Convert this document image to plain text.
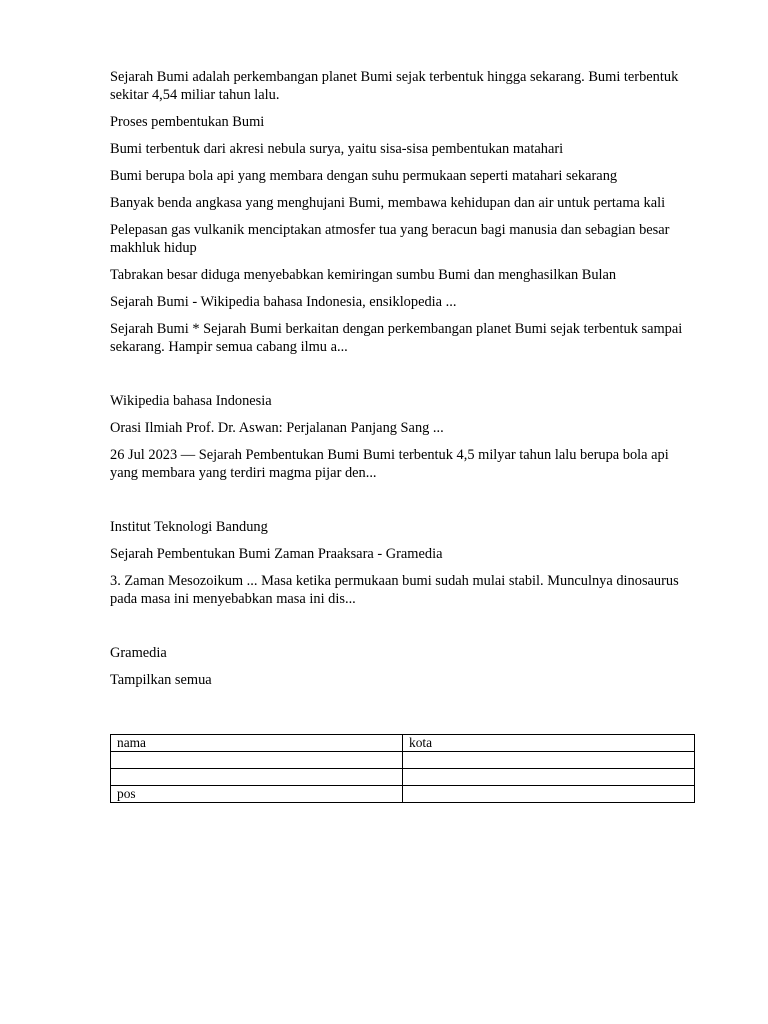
Sejarah Bumi adalah perkembangan planet Bumi sejak terbentuk hingga sekarang. Bumi terbentuk sekitar 4,54 miliar tahun lalu.

Proses pembentukan Bumi

Bumi terbentuk dari akresi nebula surya, yaitu sisa-sisa pembentukan matahari

Bumi berupa bola api yang membara dengan suhu permukaan seperti matahari sekarang

Banyak benda angkasa yang menghujani Bumi, membawa kehidupan dan air untuk pertama kali

Pelepasan gas vulkanik menciptakan atmosfer tua yang beracun bagi manusia dan sebagian besar makhluk hidup

Tabrakan besar diduga menyebabkan kemiringan sumbu Bumi dan menghasilkan Bulan

Sejarah Bumi - Wikipedia bahasa Indonesia, ensiklopedia ...

Sejarah Bumi * Sejarah Bumi berkaitan dengan perkembangan planet Bumi sejak terbentuk sampai sekarang. Hampir semua cabang ilmu a...

Wikipedia bahasa Indonesia

Orasi Ilmiah Prof. Dr. Aswan: Perjalanan Panjang Sang ...

26 Jul 2023 — Sejarah Pembentukan Bumi Bumi terbentuk 4,5 milyar tahun lalu berupa bola api yang membara yang terdiri magma pijar den...

Institut Teknologi Bandung

Sejarah Pembentukan Bumi Zaman Praaksara - Gramedia

3. Zaman Mesozoikum ... Masa ketika permukaan bumi sudah mulai stabil. Munculnya dinosaurus pada masa ini menyebabkan masa ini dis...

Gramedia

Tampilkan semua

nama	kota

pos	
